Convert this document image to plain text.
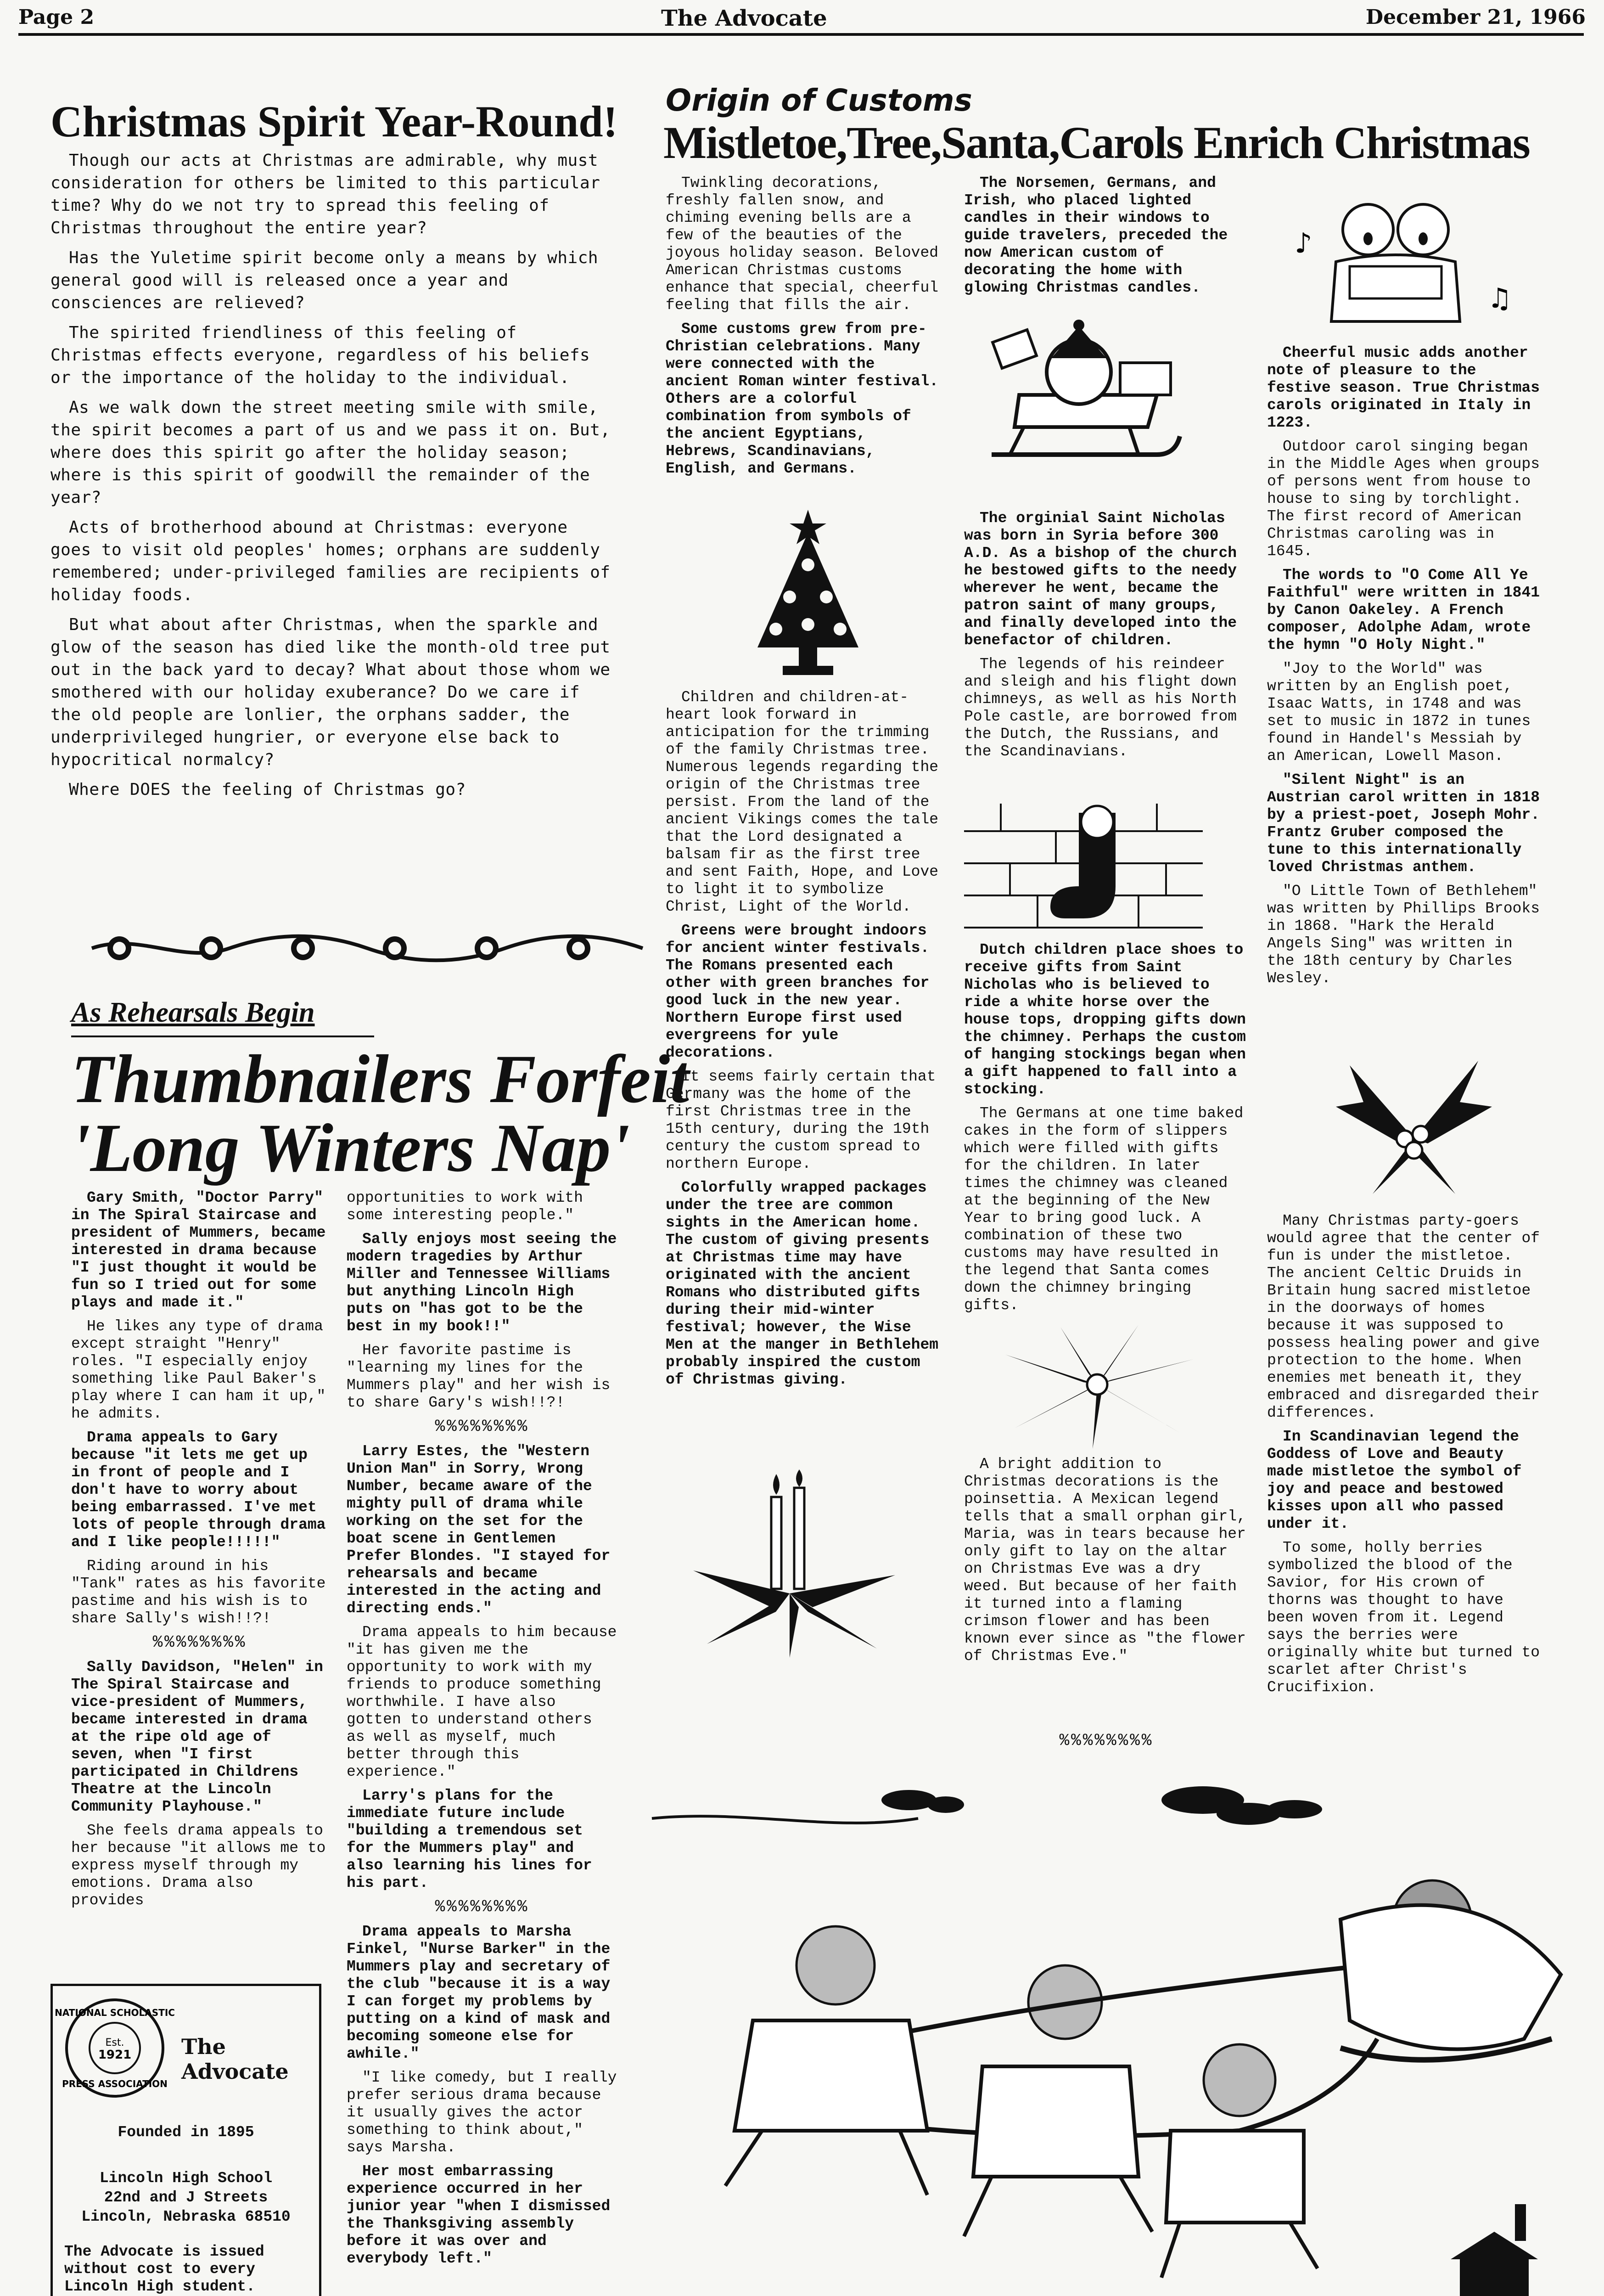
Page 2	The Advocate	December 21, 1966
Christmas Spirit Year-Round!

Though our acts at Christmas are admirable, why must consideration for others be limited to this particular time? Why do we not try to spread this feeling of Christmas throughout the entire year?

Has the Yuletime spirit become only a means by which general good will is released once a year and consciences are relieved?

The spirited friendliness of this feeling of Christmas effects everyone, regardless of his beliefs or the importance of the holiday to the individual.

As we walk down the street meeting smile with smile, the spirit becomes a part of us and we pass it on. But, where does this spirit go after the holiday season; where is this spirit of goodwill the remainder of the year?

Acts of brotherhood abound at Christmas: everyone goes to visit old peoples' homes; orphans are suddenly remembered; under-privileged families are recipients of holiday foods.

But what about after Christmas, when the sparkle and glow of the season has died like the month-old tree put out in the back yard to decay? What about those whom we smothered with our holiday exuberance? Do we care if the old people are lonlier, the orphans sadder, the underprivileged hungrier, or everyone else back to hypocritical normalcy?

Where DOES the feeling of Christmas go?

As Rehearsals Begin
Thumbnailers Forfeit
'Long Winters Nap'

Gary Smith, "Doctor Parry" in The Spiral Staircase and president of Mummers, became interested in drama because "I just thought it would be fun so I tried out for some plays and made it."

He likes any type of drama except straight "Henry" roles. "I especially enjoy something like Paul Baker's play where I can ham it up," he admits.

Drama appeals to Gary because "it lets me get up in front of people and I don't have to worry about being embarrassed. I've met lots of people through drama and I like people!!!!!"

Riding around in his "Tank" rates as his favorite pastime and his wish is to share Sally's wish!!?!

%%%%%%%%

Sally Davidson, "Helen" in The Spiral Staircase and vice-president of Mummers, became interested in drama at the ripe old age of seven, when "I first participated in Childrens Theatre at the Lincoln Community Playhouse."

She feels drama appeals to her because "it allows me to express myself through my emotions. Drama also provides

opportunities to work with some interesting people."

Sally enjoys most seeing the modern tragedies by Arthur Miller and Tennessee Williams but anything Lincoln High puts on "has got to be the best in my book!!"

Her favorite pastime is "learning my lines for the Mummers play" and her wish is to share Gary's wish!!?!

%%%%%%%%

Larry Estes, the "Western Union Man" in Sorry, Wrong Number, became aware of the mighty pull of drama while working on the set for the boat scene in Gentlemen Prefer Blondes. "I stayed for rehearsals and became interested in the acting and directing ends."

Drama appeals to him because "it has given me the opportunity to work with my friends to produce something worthwhile. I have also gotten to understand others as well as myself, much better through this experience."

Larry's plans for the immediate future include "building a tremendous set for the Mummers play" and also learning his lines for his part.

%%%%%%%%

Drama appeals to Marsha Finkel, "Nurse Barker" in the Mummers play and secretary of the club "because it is a way I can forget my problems by putting on a kind of mask and becoming someone else for awhile."

"I like comedy, but I really prefer serious drama because it usually gives the actor something to think about," says Marsha.

Her most embarrassing experience occurred in her junior year "when I dismissed the Thanksgiving assembly before it was over and everybody left."

NATIONAL SCHOLASTIC
PRESS ASSOCIATION
Est.
1921 The Advocate
Founded in 1895
Lincoln High School
22nd and J Streets
Lincoln, Nebraska 68510
The Advocate is issued without cost to every Lincoln High student.
Origin of Customs
Mistletoe,Tree,Santa,Carols Enrich Christmas

Twinkling decorations, freshly fallen snow, and chiming evening bells are a few of the beauties of the joyous holiday season. Beloved American Christmas customs enhance that special, cheerful feeling that fills the air.

Some customs grew from pre-Christian celebrations. Many were connected with the ancient Roman winter festival. Others are a colorful combination from symbols of the ancient Egyptians, Hebrews, Scandinavians, English, and Germans.

Children and children-at-heart look forward in anticipation for the trimming of the family Christmas tree. Numerous legends regarding the origin of the Christmas tree persist. From the land of the ancient Vikings comes the tale that the Lord designated a balsam fir as the first tree and sent Faith, Hope, and Love to light it to symbolize Christ, Light of the World.

Greens were brought indoors for ancient winter festivals. The Romans presented each other with green branches for good luck in the new year. Northern Europe first used evergreens for yule decorations.

It seems fairly certain that Germany was the home of the first Christmas tree in the 15th century, during the 19th century the custom spread to northern Europe.

Colorfully wrapped packages under the tree are common sights in the American home. The custom of giving presents at Christmas time may have originated with the ancient Romans who distributed gifts during their mid-winter festival; however, the Wise Men at the manger in Bethlehem probably inspired the custom of Christmas giving.

The Norsemen, Germans, and Irish, who placed lighted candles in their windows to guide travelers, preceded the now American custom of decorating the home with glowing Christmas candles.

The orginial Saint Nicholas was born in Syria before 300 A.D. As a bishop of the church he bestowed gifts to the needy wherever he went, became the patron saint of many groups, and finally developed into the benefactor of children.

The legends of his reindeer and sleigh and his flight down chimneys, as well as his North Pole castle, are borrowed from the Dutch, the Russians, and the Scandinavians.

Dutch children place shoes to receive gifts from Saint Nicholas who is believed to ride a white horse over the house tops, dropping gifts down the chimney. Perhaps the custom of hanging stockings began when a gift happened to fall into a stocking.

The Germans at one time baked cakes in the form of slippers which were filled with gifts for the children. In later times the chimney was cleaned at the beginning of the New Year to bring good luck. A combination of these two customs may have resulted in the legend that Santa comes down the chimney bringing gifts.

A bright addition to Christmas decorations is the poinsettia. A Mexican legend tells that a small orphan girl, Maria, was in tears because her only gift to lay on the altar on Christmas Eve was a dry weed. But because of her faith it turned into a flaming crimson flower and has been known ever since as "the flower of Christmas Eve."

Cheerful music adds another note of pleasure to the festive season. True Christmas carols originated in Italy in 1223.

Outdoor carol singing began in the Middle Ages when groups of persons went from house to house to sing by torchlight. The first record of American Christmas caroling was in 1645.

The words to "O Come All Ye Faithful" were written in 1841 by Canon Oakeley. A French composer, Adolphe Adam, wrote the hymn "O Holy Night."

"Joy to the World" was written by an English poet, Isaac Watts, in 1748 and was set to music in 1872 in tunes found in Handel's Messiah by an American, Lowell Mason.

"Silent Night" is an Austrian carol written in 1818 by a priest-poet, Joseph Mohr. Frantz Gruber composed the tune to this internationally loved Christmas anthem.

"O Little Town of Bethlehem" was written by Phillips Brooks in 1868. "Hark the Herald Angels Sing" was written in the 18th century by Charles Wesley.

♪
♫

Many Christmas party-goers would agree that the center of fun is under the mistletoe. The ancient Celtic Druids in Britain hung sacred mistletoe in the doorways of homes because it was supposed to possess healing power and give protection to the home. When enemies met beneath it, they embraced and disregarded their differences.

In Scandinavian legend the Goddess of Love and Beauty made mistletoe the symbol of joy and peace and bestowed kisses upon all who passed under it.

To some, holly berries symbolized the blood of the Savior, for His crown of thorns was thought to have been woven from it. Legend says the berries were originally white but turned to scarlet after Christ's Crucifixion.

%%%%%%%%
